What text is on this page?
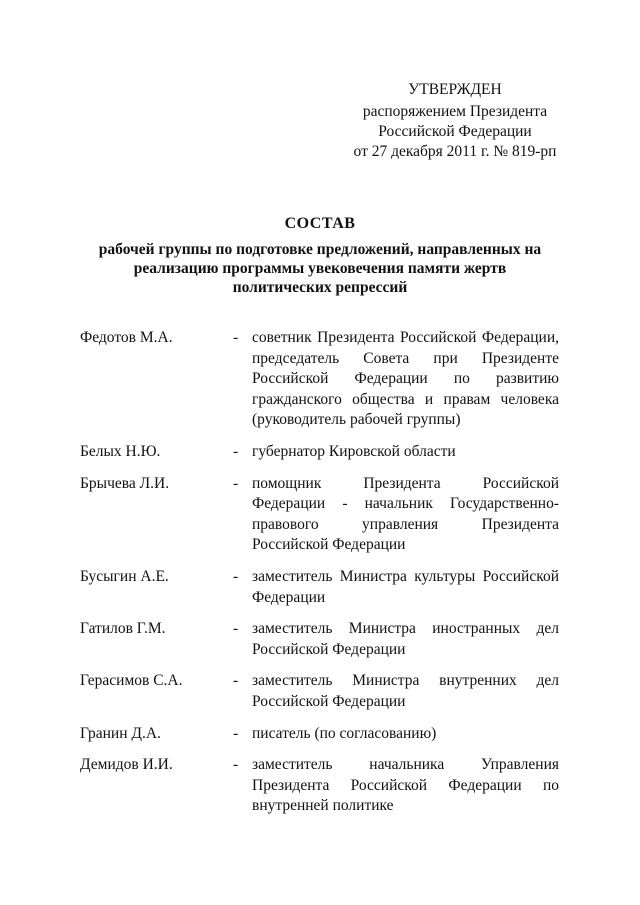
УТВЕРЖДЕН
распоряжением Президента
Российской Федерации
от 27 декабря 2011 г. № 819-рп
СОСТАВ
рабочей группы по подготовке предложений, направленных на
реализацию программы увековечения памяти жертв
политических репрессий
Федотов М.А.	- советник Президента Российской Федерации, председатель Совета при Президенте Российской Федерации по развитию гражданского общества и правам человека (руководитель рабочей группы)
Белых Н.Ю.	- губернатор Кировской области
Брычева Л.И.	- помощник Президента Российской Федерации - начальник Государственно-правового управления Президента Российской Федерации
Бусыгин А.Е.	- заместитель Министра культуры Российской Федерации
Гатилов Г.М.	- заместитель Министра иностранных дел Российской Федерации
Герасимов С.А.	- заместитель Министра внутренних дел Российской Федерации
Гранин Д.А.	- писатель (по согласованию)
Демидов И.И.	- заместитель начальника Управления Президента Российской Федерации по внутренней политике
